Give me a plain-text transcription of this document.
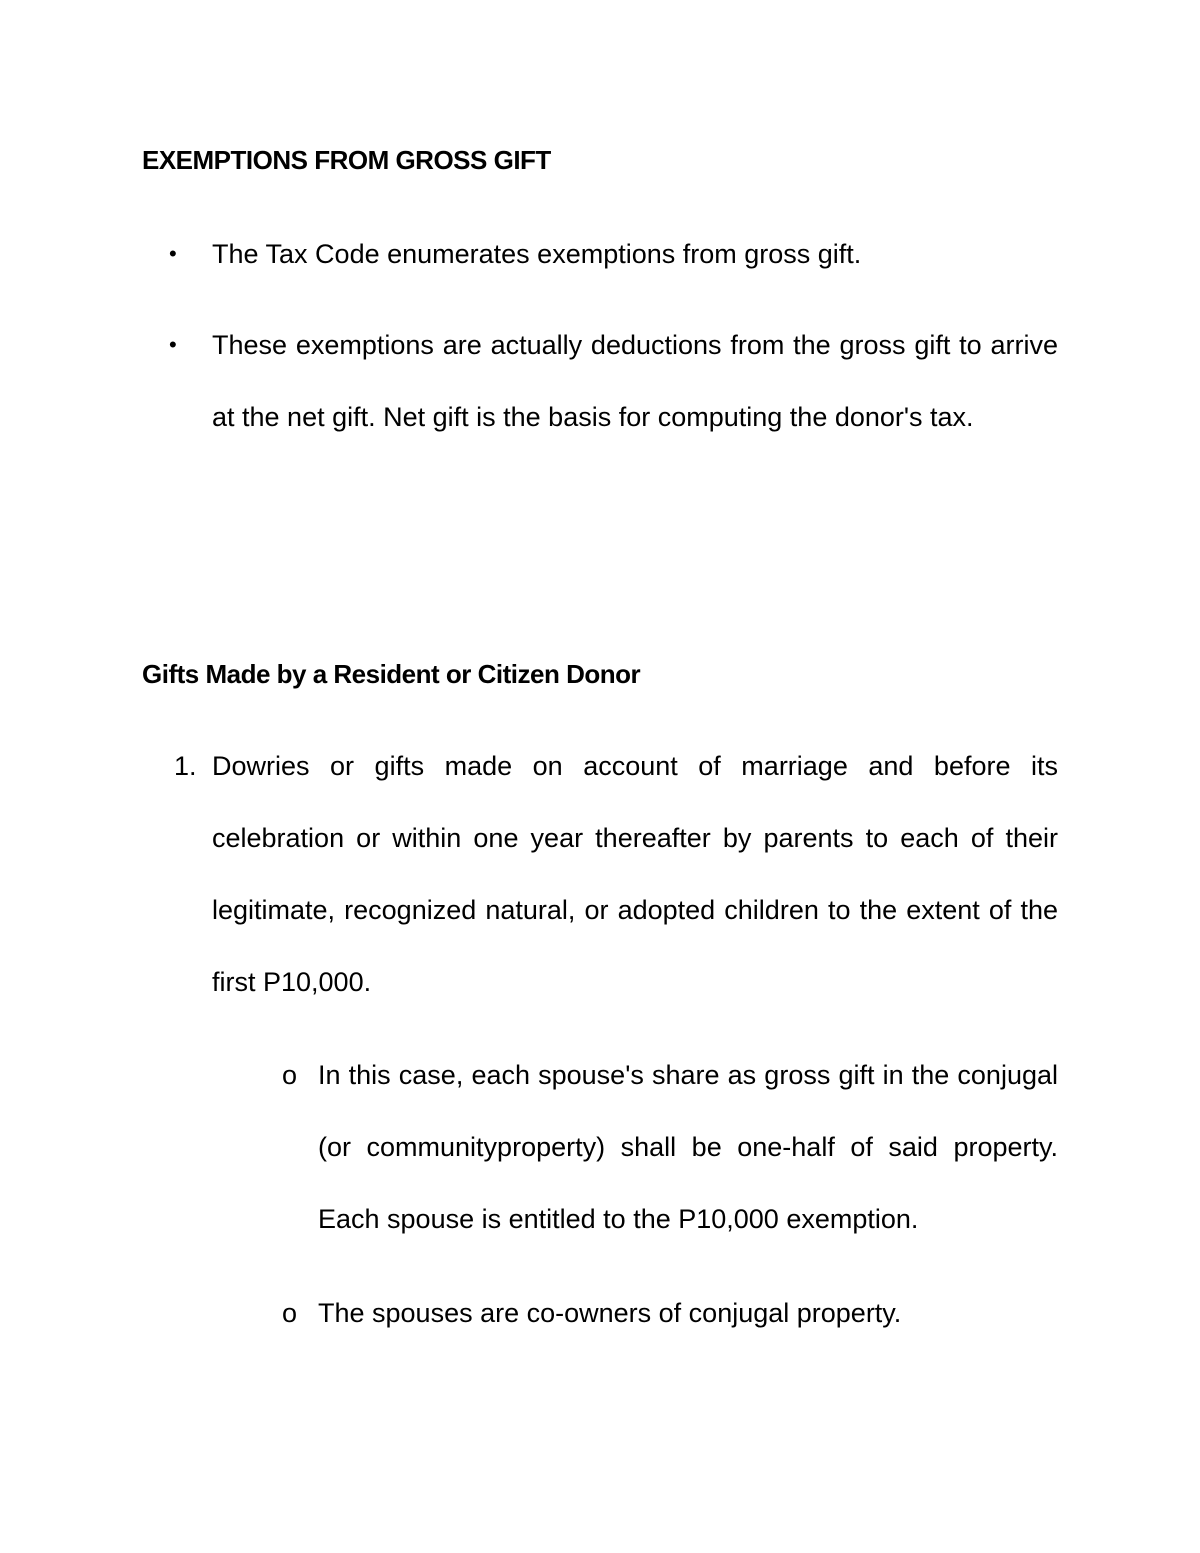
EXEMPTIONS FROM GROSS GIFT
• The Tax Code enumerates exemptions from gross gift.
• These exemptions are actually deductions from the gross gift to arrive at the net gift. Net gift is the basis for computing the donor's tax.
Gifts Made by a Resident or Citizen Donor
1. Dowries or gifts made on account of marriage and before its celebration or within one year thereafter by parents to each of their legitimate, recognized natural, or adopted children to the extent of the first P10,000.
o In this case, each spouse's share as gross gift in the conjugal (or communityproperty) shall be one-half of said property. Each spouse is entitled to the P10,000 exemption.
o The spouses are co-owners of conjugal property.
